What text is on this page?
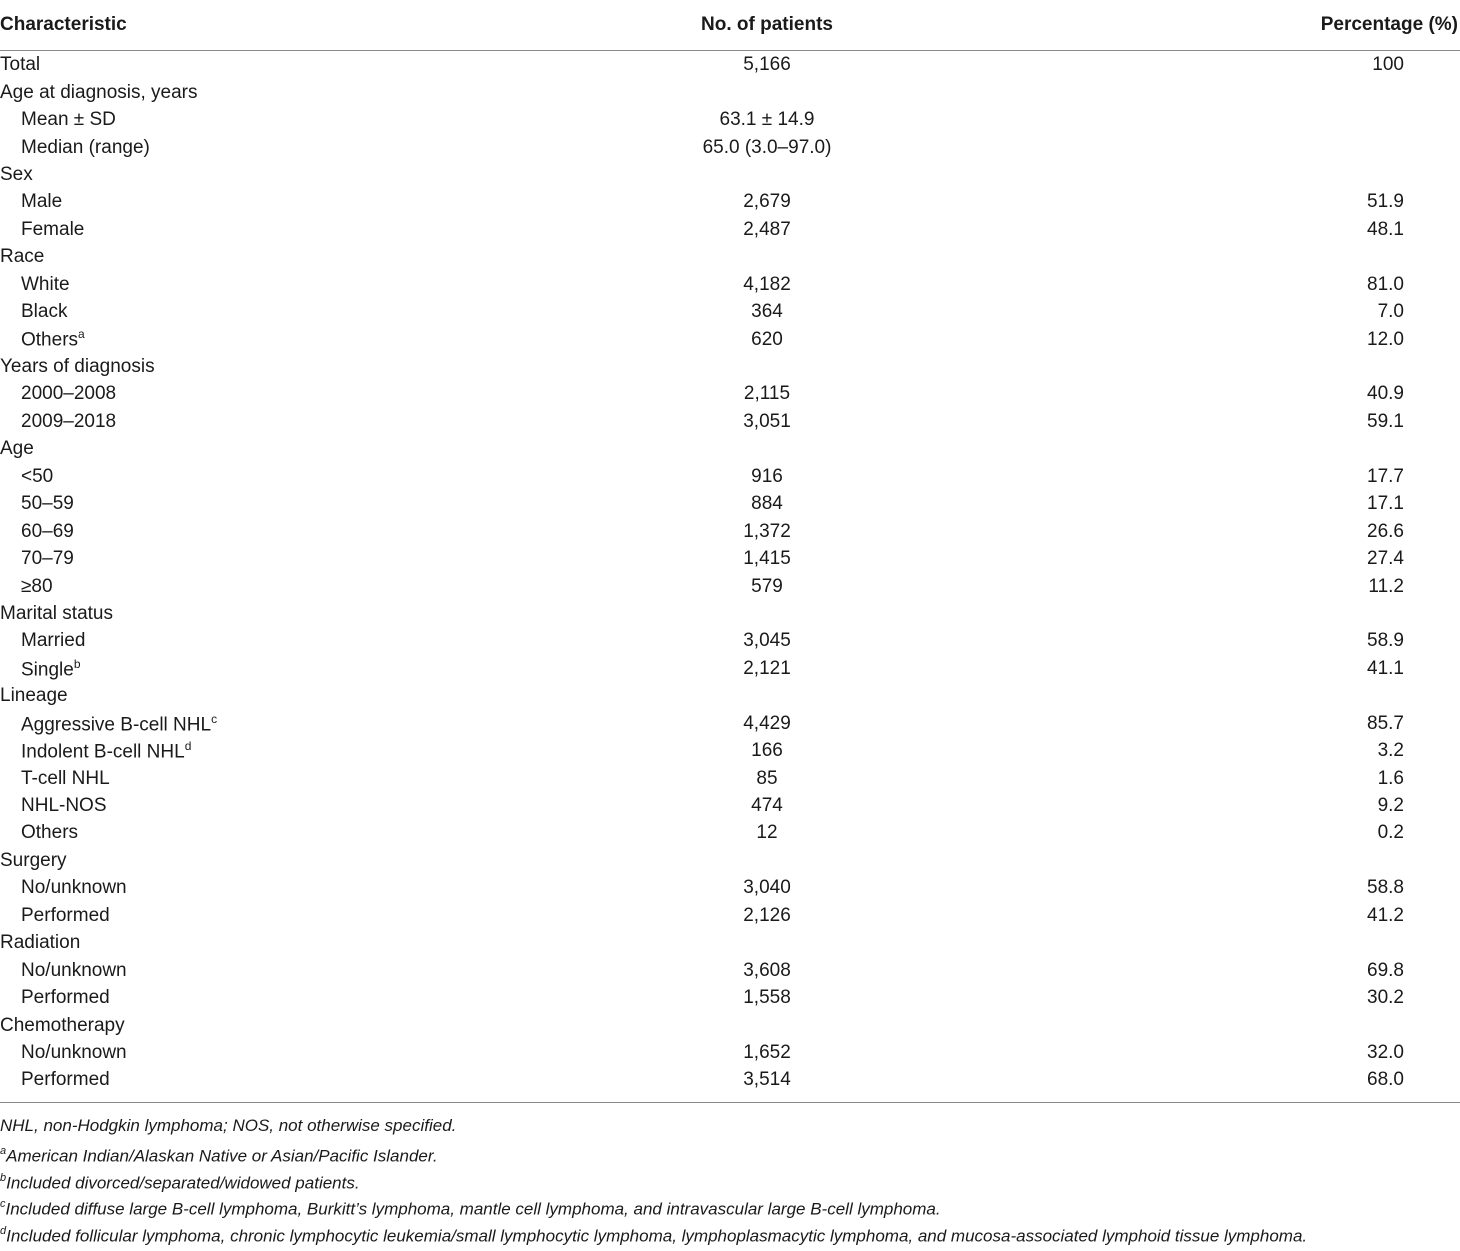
Characteristic	No. of patients	Percentage (%)
Total	5,166	100
Age at diagnosis, years		
Mean ± SD	63.1 ± 14.9	
Median (range)	65.0 (3.0–97.0)	
Sex		
Male	2,679	51.9
Female	2,487	48.1
Race		
White	4,182	81.0
Black	364	7.0
Others$^a$	620	12.0
Years of diagnosis		
2000–2008	2,115	40.9
2009–2018	3,051	59.1
Age		
<50	916	17.7
50–59	884	17.1
60–69	1,372	26.6
70–79	1,415	27.4
≥80	579	11.2
Marital status		
Married	3,045	58.9
Single$^b$	2,121	41.1
Lineage		
Aggressive B-cell NHL$^c$	4,429	85.7
Indolent B-cell NHL$^d$	166	3.2
T-cell NHL	85	1.6
NHL-NOS	474	9.2
Others	12	0.2
Surgery		
No/unknown	3,040	58.8
Performed	2,126	41.2
Radiation		
No/unknown	3,608	69.8
Performed	1,558	30.2
Chemotherapy		
No/unknown	1,652	32.0
Performed	3,514	68.0
NHL, non-Hodgkin lymphoma; NOS, not otherwise specified.
$^a$American Indian/Alaskan Native or Asian/Pacific Islander.
$^b$Included divorced/separated/widowed patients.
$^c$Included diffuse large B-cell lymphoma, Burkitt’s lymphoma, mantle cell lymphoma, and intravascular large B-cell lymphoma.
$^d$Included follicular lymphoma, chronic lymphocytic leukemia/small lymphocytic lymphoma, lymphoplasmacytic lymphoma, and mucosa-associated lymphoid tissue lymphoma.
